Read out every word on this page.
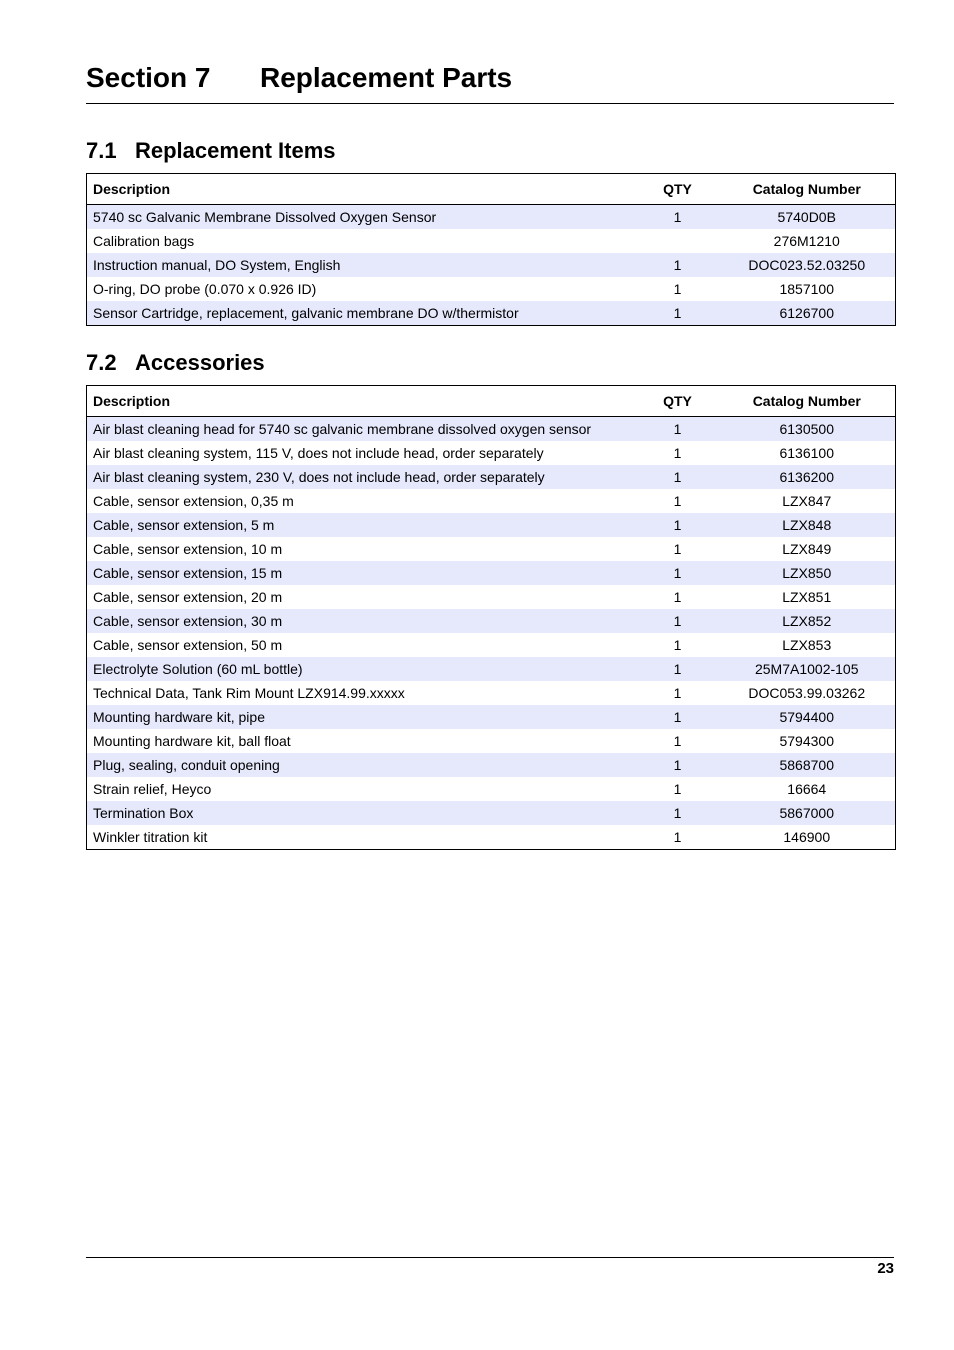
Section 7 Replacement Parts
7.1 Replacement Items
Description	QTY	Catalog Number
5740 sc Galvanic Membrane Dissolved Oxygen Sensor	1	5740D0B
Calibration bags		276M1210
Instruction manual, DO System, English	1	DOC023.52.03250
O-ring, DO probe (0.070 x 0.926 ID)	1	1857100
Sensor Cartridge, replacement, galvanic membrane DO w/thermistor	1	6126700
7.2 Accessories
Description	QTY	Catalog Number
Air blast cleaning head for 5740 sc galvanic membrane dissolved oxygen sensor	1	6130500
Air blast cleaning system, 115 V, does not include head, order separately	1	6136100
Air blast cleaning system, 230 V, does not include head, order separately	1	6136200
Cable, sensor extension, 0,35 m	1	LZX847
Cable, sensor extension, 5 m	1	LZX848
Cable, sensor extension, 10 m	1	LZX849
Cable, sensor extension, 15 m	1	LZX850
Cable, sensor extension, 20 m	1	LZX851
Cable, sensor extension, 30 m	1	LZX852
Cable, sensor extension, 50 m	1	LZX853
Electrolyte Solution (60 mL bottle)	1	25M7A1002-105
Technical Data, Tank Rim Mount LZX914.99.xxxxx	1	DOC053.99.03262
Mounting hardware kit, pipe	1	5794400
Mounting hardware kit, ball float	1	5794300
Plug, sealing, conduit opening	1	5868700
Strain relief, Heyco	1	16664
Termination Box	1	5867000
Winkler titration kit	1	146900
23
